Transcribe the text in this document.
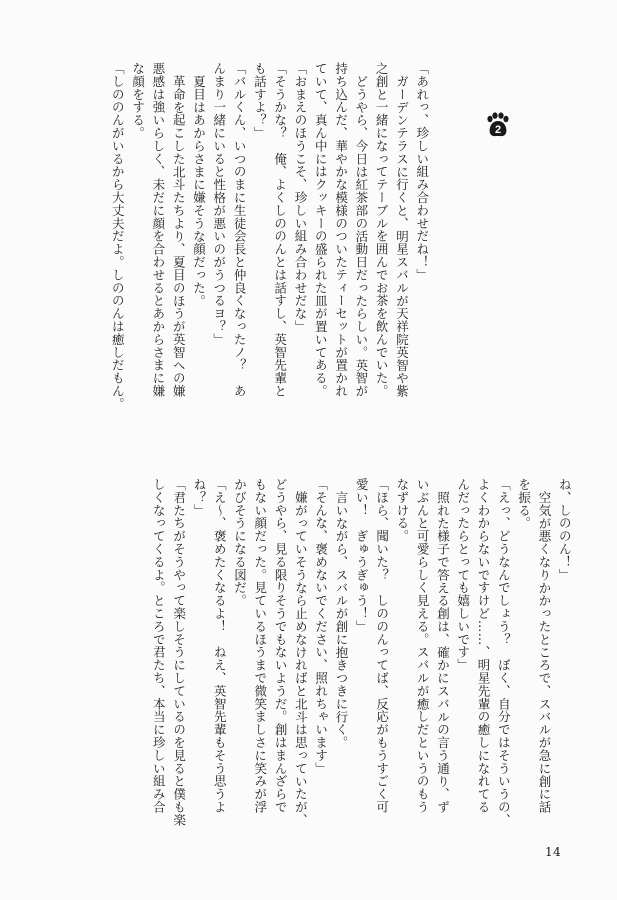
2

「あれっ、珍しい組み合わせだね！」

ガーデンテラスに行くと、明星スバルが天祥院英智や紫

之創と一緒になってテーブルを囲んでお茶を飲んでいた。

どうやら、今日は紅茶部の活動日だったらしい。英智が

持ち込んだ、華やかな模様のついたティーセットが置かれ

ていて、真ん中にはクッキーの盛られた皿が置いてある。

「おまえのほうこそ、珍しい組み合わせだな」

「そうかな？　俺、よくしののんとは話すし、英智先輩と

も話すよ？」

「バルくん、いつのまに生徒会長と仲良くなったノ？　あ

んまり一緒にいると性格が悪いのがうつるヨ？」

夏目はあからさまに嫌そうな顔だった。

革命を起こした北斗たちより、夏目のほうが英智への嫌

悪感は強いらしく、未だに顔を合わせるとあからさまに嫌

な顔をする。

「しののんがいるから大丈夫だよ。しののんは癒しだもん。

ね、しののん！」

空気が悪くなりかかったところで、スバルが急に創に話

を振る。

「えっ、どうなんでしょう？　ぼく、自分ではそういうの、

よくわからないですけど……、明星先輩の癒しになれてる

んだったらとっても嬉しいです」

照れた様子で答える創は、確かにスバルの言う通り、ず

いぶんと可愛らしく見える。スバルが癒しだというのもう

なずける。

「ほら、聞いた？　しののんってば、反応がもうすごく可

愛い！　ぎゅうぎゅう！」

言いながら、スバルが創に抱きつきに行く。

「そんな、褒めないでください、照れちゃいます」

嫌がっていそうなら止めなければと北斗は思っていたが、

どうやら、見る限りそうでもないようだ。創はまんざらで

もない顔だった。見ているほうまで微笑ましさに笑みが浮

かびそうになる図だ。

「え〜、褒めたくなるよ！　ねえ、英智先輩もそう思うよ

ね？」

「君たちがそうやって楽しそうにしているのを見ると僕も楽

しくなってくるよ。ところで君たち、本当に珍しい組み合

14
